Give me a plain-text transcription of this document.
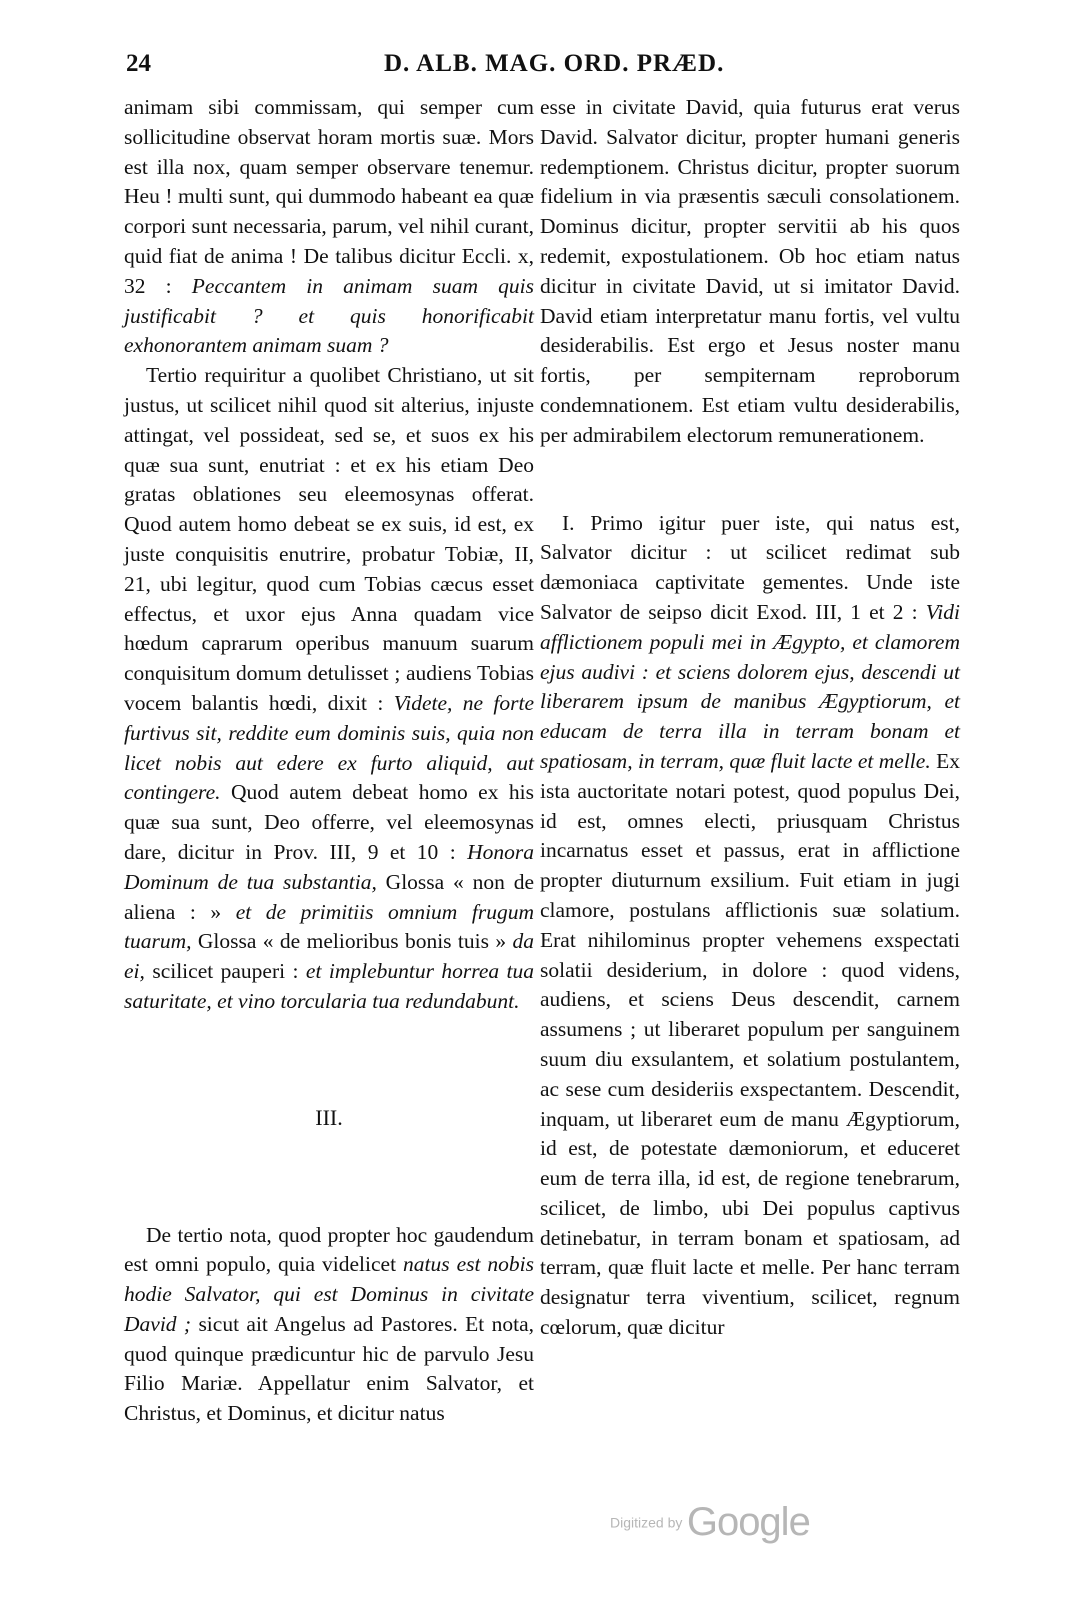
24	D. ALB. MAG. ORD. PRÆD.

animam sibi commissam, qui semper cum sollicitudine observat horam mortis suæ. Mors est illa nox, quam semper observare tenemur. Heu ! multi sunt, qui dummodo habeant ea quæ corpori sunt necessaria, parum, vel nihil curant, quid fiat de anima ! De talibus dicitur Eccli. x, 32 : Peccantem in animam suam quis justificabit ? et quis honorificabit exhonorantem animam suam ?

Tertio requiritur a quolibet Christiano, ut sit justus, ut scilicet nihil quod sit alterius, injuste attingat, vel possideat, sed se, et suos ex his quæ sua sunt, enutriat : et ex his etiam Deo gratas oblationes seu eleemosynas offerat. Quod autem homo debeat se ex suis, id est, ex juste conquisitis enutrire, probatur Tobiæ, II, 21, ubi legitur, quod cum Tobias cæcus esset effectus, et uxor ejus Anna quadam vice hœdum caprarum operibus manuum suarum conquisitum domum detulisset ; audiens Tobias vocem balantis hœdi, dixit : Videte, ne forte furtivus sit, reddite eum dominis suis, quia non licet nobis aut edere ex furto aliquid, aut contingere. Quod autem debeat homo ex his quæ sua sunt, Deo offerre, vel eleemosynas dare, dicitur in Prov. III, 9 et 10 : Honora Dominum de tua substantia, Glossa « non de aliena : » et de primitiis omnium frugum tuarum, Glossa « de melioribus bonis tuis » da ei, scilicet pauperi : et implebuntur horrea tua saturitate, et vino torcularia tua redundabunt.

III.

De tertio nota, quod propter hoc gaudendum est omni populo, quia videlicet natus est nobis hodie Salvator, qui est Dominus in civitate David ; sicut ait Angelus ad Pastores. Et nota, quod quinque prædicuntur hic de parvulo Jesu Filio Mariæ. Appellatur enim Salvator, et Christus, et Dominus, et dicitur natus

esse in civitate David, quia futurus erat verus David. Salvator dicitur, propter humani generis redemptionem. Christus dicitur, propter suorum fidelium in via præsentis sæculi consolationem. Dominus dicitur, propter servitii ab his quos redemit, expostulationem. Ob hoc etiam natus dicitur in civitate David, ut si imitator David. David etiam interpretatur manu fortis, vel vultu desiderabilis. Est ergo et Jesus noster manu fortis, per sempiternam reproborum condemnationem. Est etiam vultu desiderabilis, per admirabilem electorum remunerationem.

I. Primo igitur puer iste, qui natus est, Salvator dicitur : ut scilicet redimat sub dæmoniaca captivitate gementes. Unde iste Salvator de seipso dicit Exod. III, 1 et 2 : Vidi afflictionem populi mei in Ægypto, et clamorem ejus audivi : et sciens dolorem ejus, descendi ut liberarem ipsum de manibus Ægyptiorum, et educam de terra illa in terram bonam et spatiosam, in terram, quæ fluit lacte et melle. Ex ista auctoritate notari potest, quod populus Dei, id est, omnes electi, priusquam Christus incarnatus esset et passus, erat in afflictione propter diuturnum exsilium. Fuit etiam in jugi clamore, postulans afflictionis suæ solatium. Erat nihilominus propter vehemens exspectati solatii desiderium, in dolore : quod videns, audiens, et sciens Deus descendit, carnem assumens ; ut liberaret populum per sanguinem suum diu exsulantem, et solatium postulantem, ac sese cum desideriis exspectantem. Descendit, inquam, ut liberaret eum de manu Ægyptiorum, id est, de potestate dæmoniorum, et educeret eum de terra illa, id est, de regione tenebrarum, scilicet, de limbo, ubi Dei populus captivus detinebatur, in terram bonam et spatiosam, ad terram, quæ fluit lacte et melle. Per hanc terram designatur terra viventium, scilicet, regnum cœlorum, quæ dicitur

Digitized by Google
